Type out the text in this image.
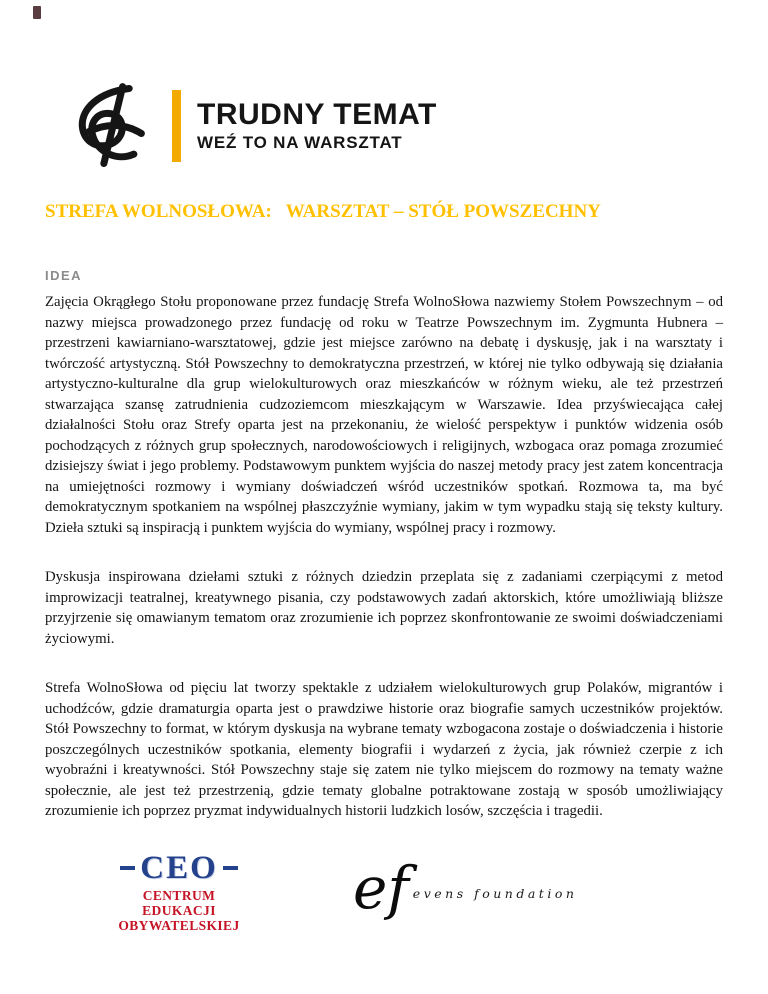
TRUDNY TEMAT
WEŹ TO NA WARSZTAT
STREFA WOLNOSŁOWA:   WARSZTAT – STÓŁ POWSZECHNY
IDEA

Zajęcia Okrągłego Stołu proponowane przez fundację Strefa WolnoSłowa nazwiemy Stołem Powszechnym – od nazwy miejsca prowadzonego przez fundację od roku w Teatrze Powszechnym im. Zygmunta Hubnera – przestrzeni kawiarniano-warsztatowej, gdzie jest miejsce zarówno na debatę i dyskusję, jak i na warsztaty i twórczość artystyczną. Stół Powszechny to demokratyczna przestrzeń, w której nie tylko odbywają się działania artystyczno-kulturalne dla grup wielokulturowych oraz mieszkańców w różnym wieku, ale też przestrzeń stwarzająca szansę zatrudnienia cudzoziemcom mieszkającym w Warszawie. Idea przyświecająca całej działalności Stołu oraz Strefy oparta jest na przekonaniu, że wielość perspektyw i punktów widzenia osób pochodzących z różnych grup społecznych, narodowościowych i religijnych, wzbogaca oraz pomaga zrozumieć dzisiejszy świat i jego problemy. Podstawowym punktem wyjścia do naszej metody pracy jest zatem koncentracja na umiejętności rozmowy i wymiany doświadczeń wśród uczestników spotkań. Rozmowa ta, ma być demokratycznym spotkaniem na wspólnej płaszczyźnie wymiany, jakim w tym wypadku stają się teksty kultury. Dzieła sztuki są inspiracją i punktem wyjścia do wymiany, wspólnej pracy i rozmowy.

Dyskusja inspirowana dziełami sztuki z różnych dziedzin przeplata się z zadaniami czerpiącymi z metod improwizacji teatralnej, kreatywnego pisania, czy podstawowych zadań aktorskich, które umożliwiają bliższe przyjrzenie się omawianym tematom oraz zrozumienie ich poprzez skonfrontowanie ze swoimi doświadczeniami życiowymi.

Strefa WolnoSłowa od pięciu lat tworzy spektakle z udziałem wielokulturowych grup Polaków, migrantów i uchodźców, gdzie dramaturgia oparta jest o prawdziwe historie oraz biografie samych uczestników projektów. Stół Powszechny to format, w którym dyskusja na wybrane tematy wzbogacona zostaje o doświadczenia i historie poszczególnych uczestników spotkania, elementy biografii i wydarzeń z życia, jak również czerpie z ich wyobraźni i kreatywności. Stół Powszechny staje się zatem nie tylko miejscem do rozmowy na tematy ważne społecznie, ale jest też przestrzenią, gdzie tematy globalne potraktowane zostają w sposób umożliwiający zrozumienie ich poprzez pryzmat indywidualnych historii ludzkich losów, szczęścia i tragedii.

CEO
CENTRUM EDUKACJI
OBYWATELSKIEJ
ef evens foundation
